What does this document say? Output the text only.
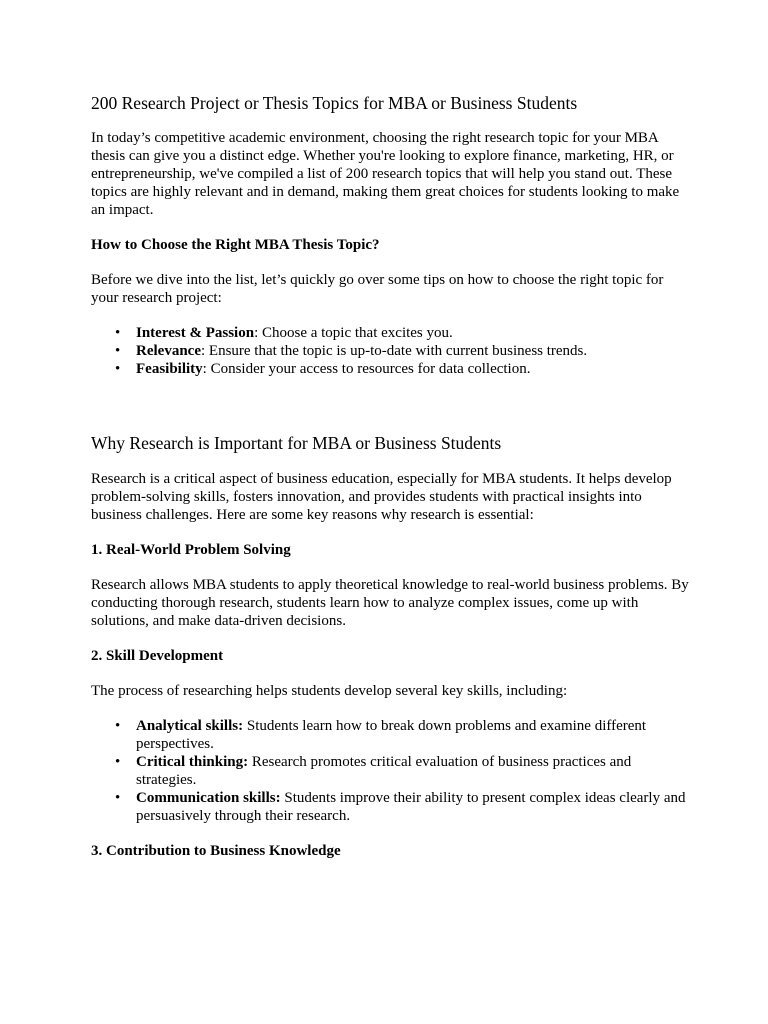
200 Research Project or Thesis Topics for MBA or Business Students

In today’s competitive academic environment, choosing the right research topic for your MBA thesis can give you a distinct edge. Whether you're looking to explore finance, marketing, HR, or entrepreneurship, we've compiled a list of 200 research topics that will help you stand out. These topics are highly relevant and in demand, making them great choices for students looking to make an impact.

How to Choose the Right MBA Thesis Topic?

Before we dive into the list, let’s quickly go over some tips on how to choose the right topic for your research project:

• Interest & Passion: Choose a topic that excites you.
• Relevance: Ensure that the topic is up-to-date with current business trends.
• Feasibility: Consider your access to resources for data collection.
Why Research is Important for MBA or Business Students

Research is a critical aspect of business education, especially for MBA students. It helps develop problem-solving skills, fosters innovation, and provides students with practical insights into business challenges. Here are some key reasons why research is essential:

1. Real-World Problem Solving

Research allows MBA students to apply theoretical knowledge to real-world business problems. By conducting thorough research, students learn how to analyze complex issues, come up with solutions, and make data-driven decisions.

2. Skill Development

The process of researching helps students develop several key skills, including:

• Analytical skills: Students learn how to break down problems and examine different perspectives.
• Critical thinking: Research promotes critical evaluation of business practices and strategies.
• Communication skills: Students improve their ability to present complex ideas clearly and persuasively through their research.
3. Contribution to Business Knowledge
